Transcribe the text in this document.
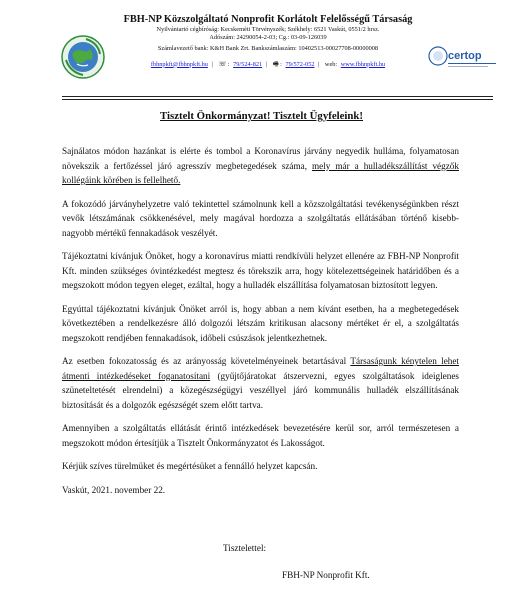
FBH-NP Közszolgáltató Nonprofit Korlátolt Felelősségű Társaság
Nyilvántartó cégbíróság: Kecskeméti Törvényszék; Székhely: 6521 Vaskút, 0551/2 hrsz.
Adószám: 24290054-2-03; Cg.: 03-09-126039
Számlavezető bank: K&H Bank Zrt. Bankszámlaszám: 10402513-00027708-00000008
fbhnpkft@fbhnpkft.hu | ☏ : 79/524-821 | 🖷 : 79/572-052 | web: www.fbhnpkft.hu
certop
Tisztelt Önkormányzat! Tisztelt Ügyfeleink!

Sajnálatos módon hazánkat is elérte és tombol a Koronavírus járvány negyedik hulláma, folyamatosan növekszik a fertőzéssel járó agresszív megbetegedések száma, mely már a hulladékszállítást végzők kollégáink körében is fellelhető.

A fokozódó járványhelyzetre való tekintettel számolnunk kell a közszolgáltatási tevékenységünkben részt vevők létszámának csökkenésével, mely magával hordozza a szolgáltatás ellátásában történő kisebb-nagyobb mértékű fennakadások veszélyét.

Tájékoztatni kívánjuk Önöket, hogy a koronavírus miatti rendkívüli helyzet ellenére az FBH-NP Nonprofit Kft. minden szükséges óvintézkedést megtesz és törekszik arra, hogy kötelezettségeinek határidőben és a megszokott módon tegyen eleget, ezáltal, hogy a hulladék elszállítása folyamatosan biztosított legyen.

Egyúttal tájékoztatni kívánjuk Önöket arról is, hogy abban a nem kívánt esetben, ha a megbetegedések következtében a rendelkezésre álló dolgozói létszám kritikusan alacsony mértéket ér el, a szolgáltatás megszokott rendjében fennakadások, időbeli csúszások jelentkezhetnek.

Az esetben fokozatosság és az arányosság követelményeinek betartásával Társaságunk kénytelen lehet átmenti intézkedéseket foganatosítani (gyűjtőjáratokat átszervezni, egyes szolgáltatások ideiglenes szüneteltetését elrendelni) a közegészségügyi veszéllyel járó kommunális hulladék elszállításának biztosítását és a dolgozók egészségét szem előtt tartva.

Amennyiben a szolgáltatás ellátását érintő intézkedések bevezetésére kerül sor, arról természetesen a megszokott módon értesítjük a Tisztelt Önkormányzatot és Lakosságot.

Kérjük szíves türelmüket és megértésüket a fennálló helyzet kapcsán.

Vaskút, 2021. november 22.

Tisztelettel:
FBH-NP Nonprofit Kft.
